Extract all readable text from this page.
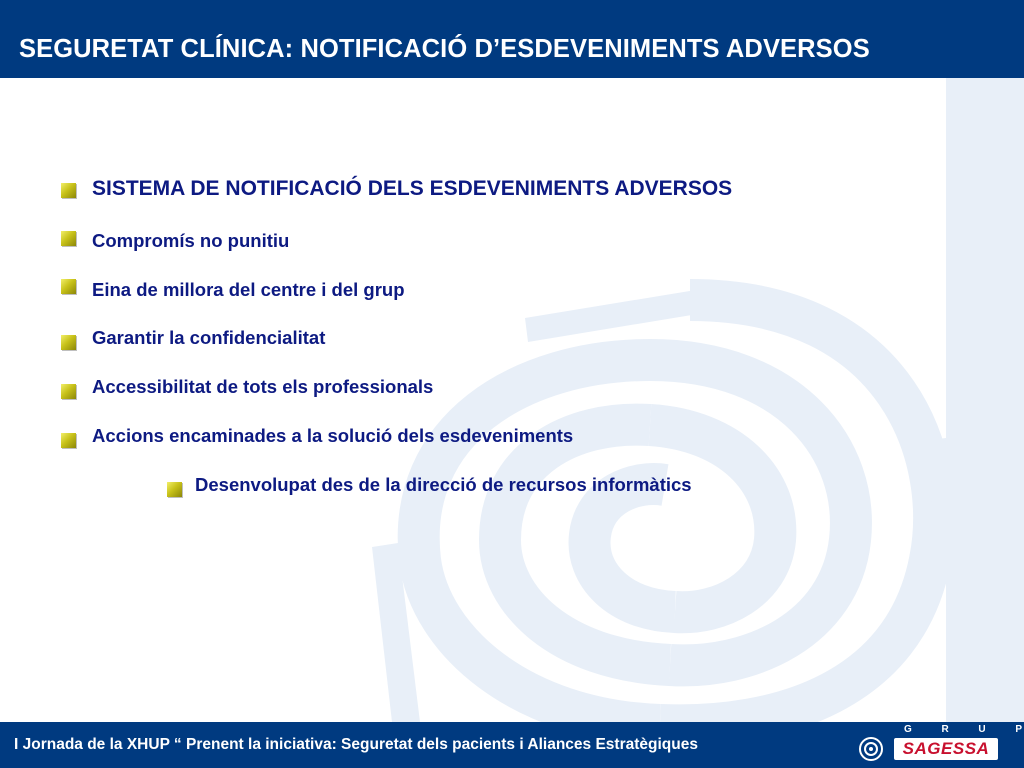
SEGURETAT CLÍNICA: NOTIFICACIÓ D’ESDEVENIMENTS ADVERSOS
SISTEMA DE NOTIFICACIÓ DELS ESDEVENIMENTS ADVERSOS
Compromís no punitiu
Eina de millora del centre i del grup
Garantir la confidencialitat
Accessibilitat de tots els professionals
Accions encaminades a la solució dels esdeveniments
Desenvolupat des de la direcció de recursos informàtics
I Jornada de la XHUP “ Prenent la iniciativa: Seguretat dels pacients i Aliances Estratègiques
G	R	U	P
SAGESSA
